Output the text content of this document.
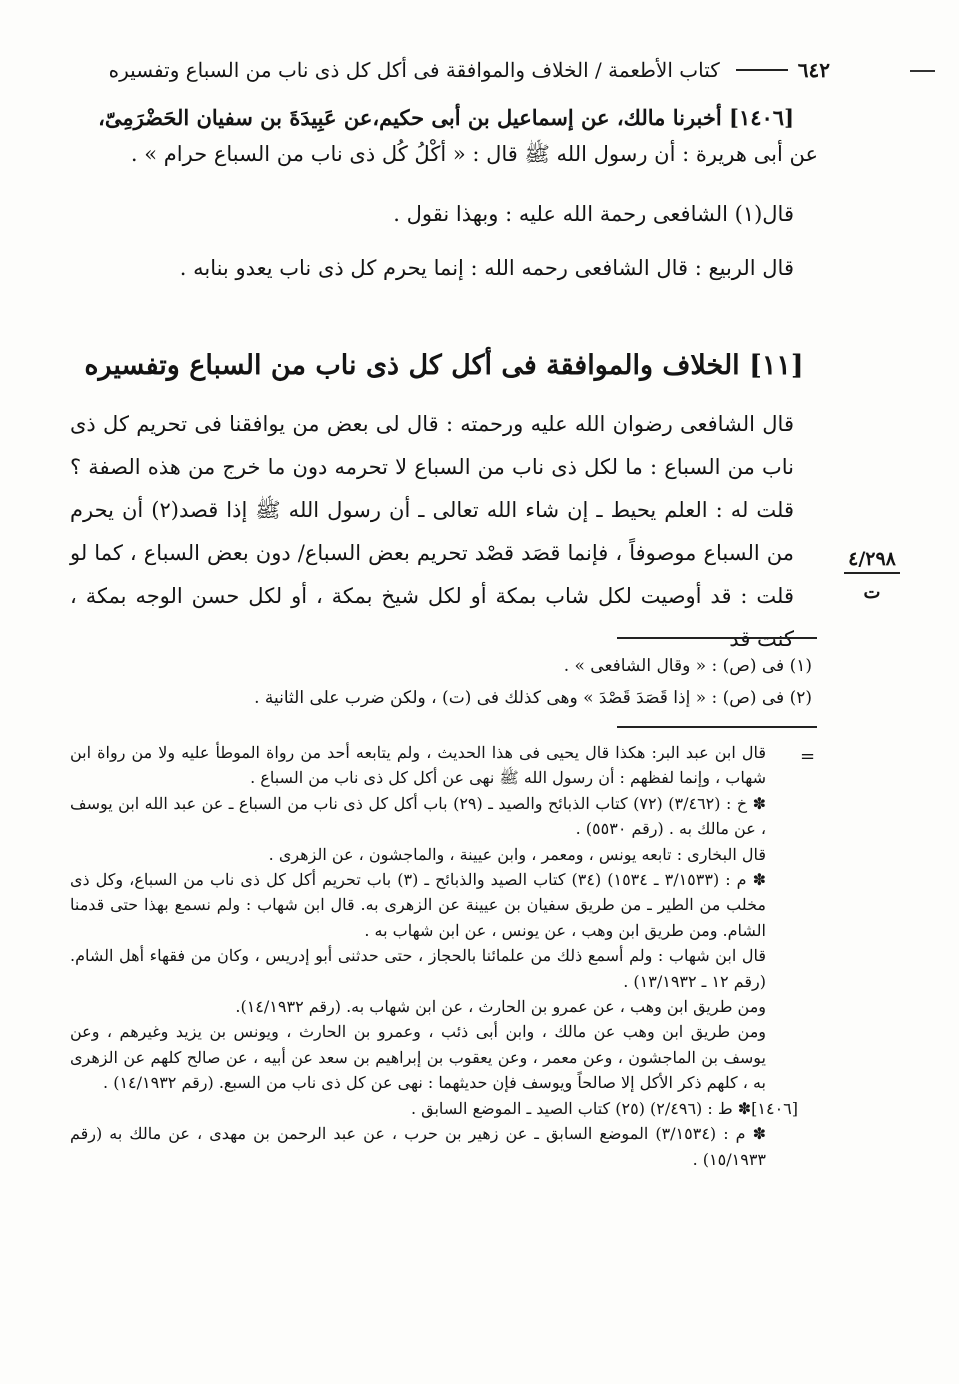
٦٤٢
كتاب الأطعمة / الخلاف والموافقة فى أكل كل ذى ناب من السباع وتفسيره

[١٤٠٦] أخبرنا مالك، عن إسماعيل بن أبى حكيم،عن عَبِيدَةَ بن سفيان الحَضْرَمِىّ،

عن أبى هريرة : أن رسول الله ﷺ قال : « أكْلُ كُل ذى ناب من السباع حرام » .

قال(١) الشافعى رحمة الله عليه : وبهذا نقول .

قال الربيع : قال الشافعى رحمه الله : إنما يحرم كل ذى ناب يعدو بنابه .

[١١] الخلاف والموافقة فى أكل كل ذى ناب من السباع وتفسيره

قال الشافعى رضوان الله عليه ورحمته : قال لى بعض من يوافقنا فى تحريم كل ذى ناب من السباع : ما لكل ذى ناب من السباع لا تحرمه دون ما خرج من هذه الصفة ؟ قلت له : العلم يحيط ـ إن شاء الله تعالى ـ أن رسول الله ﷺ إذا قصد(٢) أن يحرم من السباع موصوفاً ، فإنما قصَد قصْد تحريم بعض السباع/ دون بعض السباع ، كما لو قلت : قد أوصيت لكل شاب بمكة أو لكل شيخ بمكة ، أو لكل حسن الوجه بمكة ، كنت قد

٤/٢٩٨
ت

(١) فى (ص) : « وقال الشافعى » .

(٢) فى (ص) : « إذا قَصَدَ قَصْدَ » وهى كذلك فى (ت) ، ولكن ضرب على الثانية .

=

قال ابن عبد البر: هكذا قال يحيى فى هذا الحديث ، ولم يتابعه أحد من رواة الموطأ عليه ولا من رواة ابن شهاب ، وإنما لفظهم : أن رسول الله ﷺ نهى عن أكل كل ذى ناب من السباع .

✽ خ : (٣/٤٦٢) (٧٢) كتاب الذبائح والصيد ـ (٢٩) باب أكل كل ذى ناب من السباع ـ عن عبد الله ابن يوسف ، عن مالك به . (رقم ٥٥٣٠) .

قال البخارى : تابعه يونس ، ومعمر ، وابن عيينة ، والماجشون ، عن الزهرى .

✽ م : (٣/١٥٣٣ ـ ١٥٣٤) (٣٤) كتاب الصيد والذبائح ـ (٣) باب تحريم أكل كل ذى ناب من السباع، وكل ذى مخلب من الطير ـ من طريق سفيان بن عيينة عن الزهرى به. قال ابن شهاب : ولم نسمع بهذا حتى قدمنا الشام. ومن طريق ابن وهب ، عن يونس ، عن ابن شهاب به .

قال ابن شهاب : ولم أسمع ذلك من علمائنا بالحجاز ، حتى حدثنى أبو إدريس ، وكان من فقهاء أهل الشام. (رقم ١٢ ـ ١٣/١٩٣٢) .

ومن طريق ابن وهب ، عن عمرو بن الحارث ، عن ابن شهاب به. (رقم ١٤/١٩٣٢).

ومن طريق ابن وهب عن مالك ، وابن أبى ذئب ، وعمرو بن الحارث ، ويونس بن يزيد وغيرهم ، وعن يوسف بن الماجشون ، وعن معمر ، وعن يعقوب بن إبراهيم بن سعد عن أبيه ، عن صالح كلهم عن الزهرى به ، كلهم ذكر الأكل إلا صالحاً ويوسف فإن حديثهما : نهى عن كل ذى ناب من السبع. (رقم ١٤/١٩٣٢) .

[١٤٠٦]✽ ط : (٢/٤٩٦) (٢٥) كتاب الصيد ـ الموضع السابق .

✽ م : (٣/١٥٣٤) الموضع السابق ـ عن زهير بن حرب ، عن عبد الرحمن بن مهدى ، عن مالك به (رقم ١٥/١٩٣٣) .
